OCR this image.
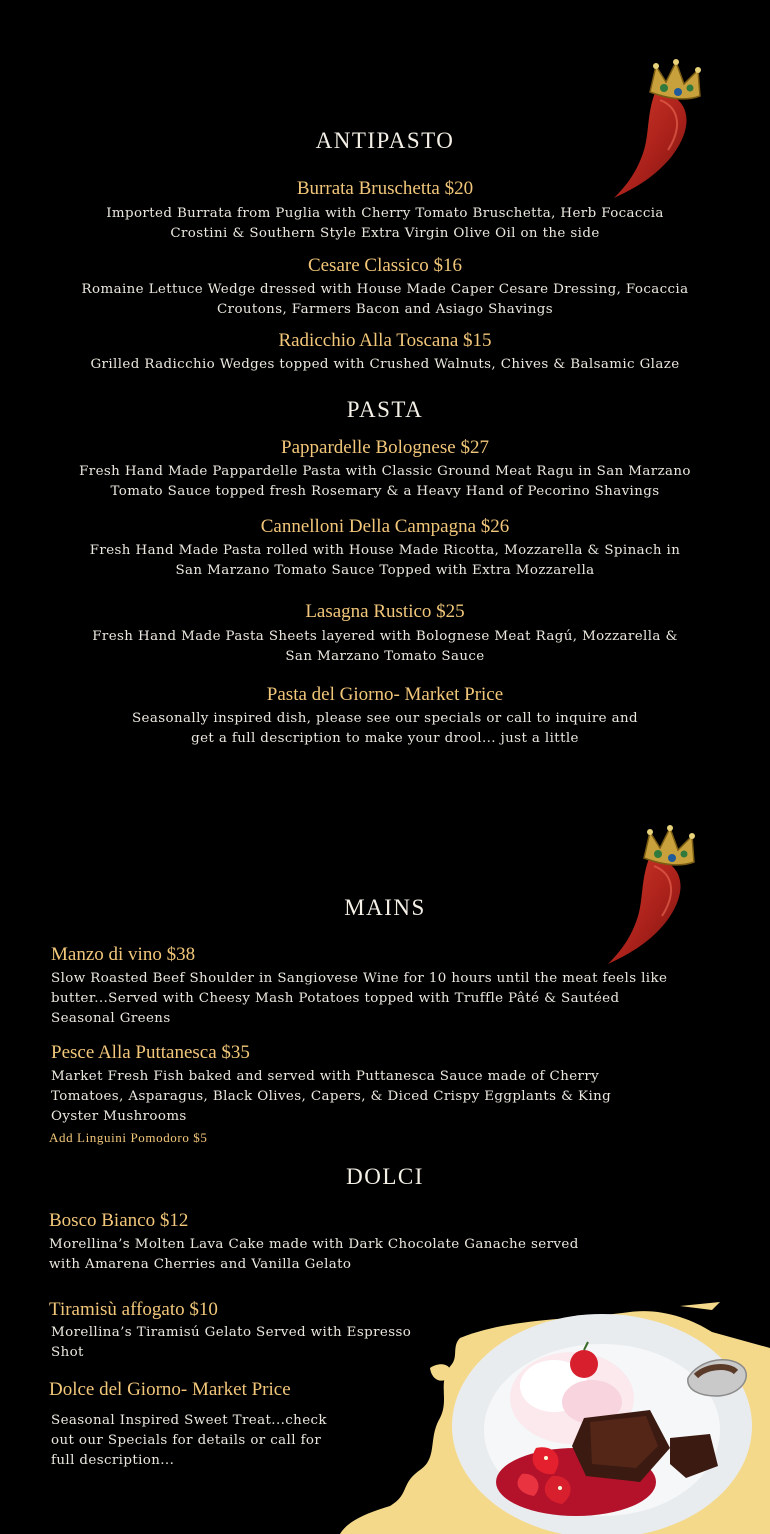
ANTIPASTO
Burrata Bruschetta $20

Imported Burrata from Puglia with Cherry Tomato Bruschetta, Herb Focaccia
Crostini & Southern Style Extra Virgin Olive Oil on the side

Cesare Classico $16

Romaine Lettuce Wedge dressed with House Made Caper Cesare Dressing, Focaccia
Croutons, Farmers Bacon and Asiago Shavings

Radicchio Alla Toscana $15

Grilled Radicchio Wedges topped with Crushed Walnuts, Chives & Balsamic Glaze

PASTA
Pappardelle Bolognese $27

Fresh Hand Made Pappardelle Pasta with Classic Ground Meat Ragu in San Marzano
Tomato Sauce topped fresh Rosemary & a Heavy Hand of Pecorino Shavings

Cannelloni Della Campagna $26

Fresh Hand Made Pasta rolled with House Made Ricotta, Mozzarella & Spinach in
San Marzano Tomato Sauce Topped with Extra Mozzarella

Lasagna Rustico $25

Fresh Hand Made Pasta Sheets layered with Bolognese Meat Ragú, Mozzarella &
San Marzano Tomato Sauce

Pasta del Giorno- Market Price

Seasonally inspired dish, please see our specials or call to inquire and
get a full description to make your drool... just a little

MAINS
Manzo di vino $38

Slow Roasted Beef Shoulder in Sangiovese Wine for 10 hours until the meat feels like
butter...Served with Cheesy Mash Potatoes topped with Truffle Pâté & Sautéed
Seasonal Greens

Pesce Alla Puttanesca $35

Market Fresh Fish baked and served with Puttanesca Sauce made of Cherry
Tomatoes, Asparagus, Black Olives, Capers, & Diced Crispy Eggplants & King
Oyster Mushrooms

Add Linguini Pomodoro $5

DOLCI
Bosco Bianco $12

Morellina’s Molten Lava Cake made with Dark Chocolate Ganache served
with Amarena Cherries and Vanilla Gelato

Tiramisù affogato $10

Morellina’s Tiramisú Gelato Served with Espresso
Shot

Dolce del Giorno- Market Price

Seasonal Inspired Sweet Treat...check
out our Specials for details or call for
full description...
